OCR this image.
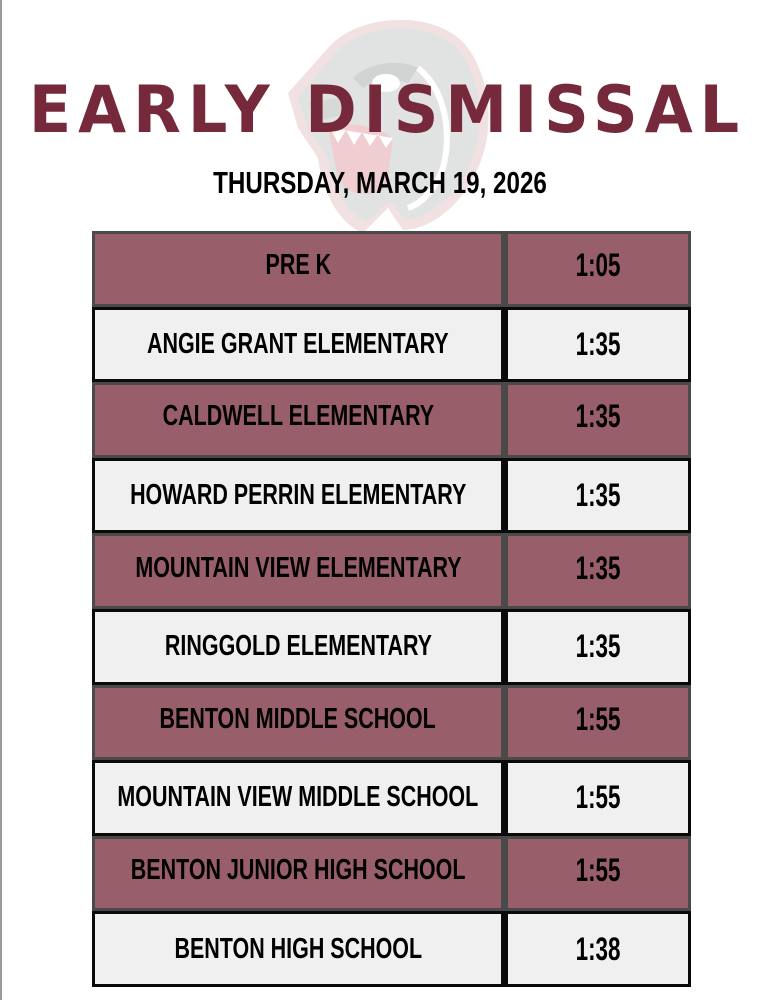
EARLY DISMISSAL
THURSDAY, MARCH 19, 2026
PRE K	1:05
ANGIE GRANT ELEMENTARY	1:35
CALDWELL ELEMENTARY	1:35
HOWARD PERRIN ELEMENTARY	1:35
MOUNTAIN VIEW ELEMENTARY	1:35
RINGGOLD ELEMENTARY	1:35
BENTON MIDDLE SCHOOL	1:55
MOUNTAIN VIEW MIDDLE SCHOOL	1:55
BENTON JUNIOR HIGH SCHOOL	1:55
BENTON HIGH SCHOOL	1:38
